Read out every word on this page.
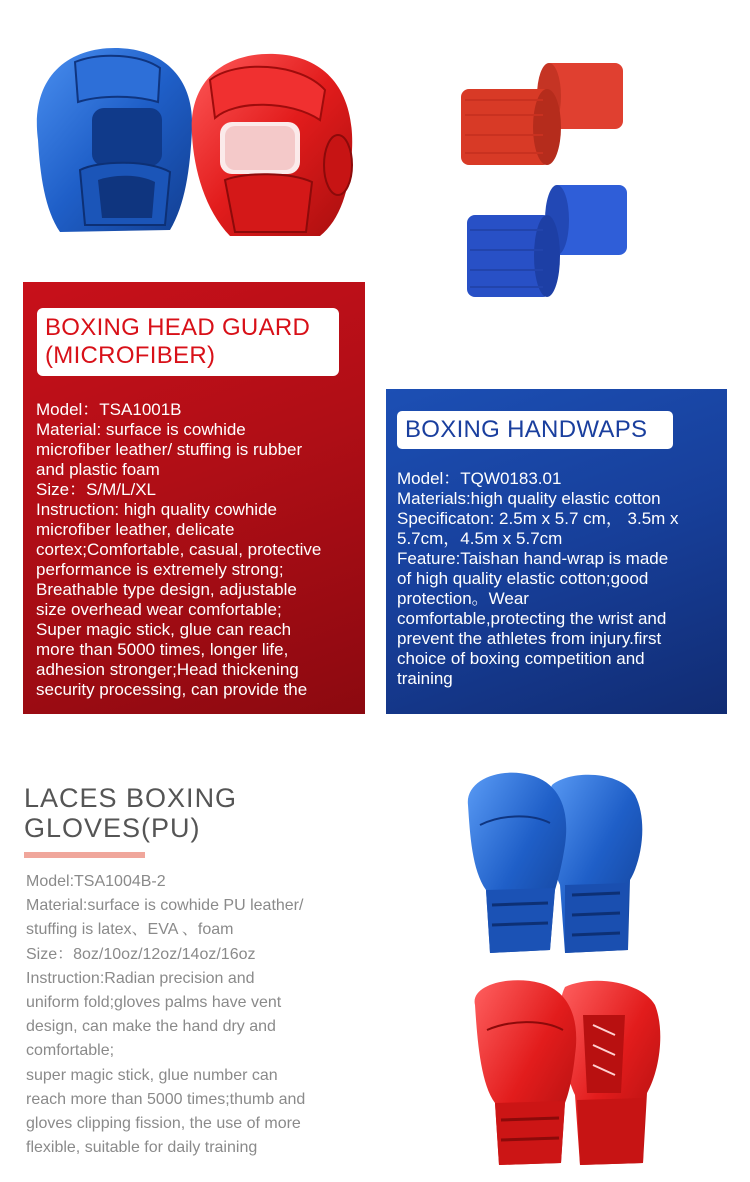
BOXING HEAD GUARD
(MICROFIBER)
Model：TSA1001B
Material: surface is cowhide
microfiber leather/ stuffing is rubber
and plastic foam
Size：S/M/L/XL
Instruction: high quality cowhide
microfiber leather, delicate
cortex;Comfortable, casual, protective
performance is extremely strong;
Breathable type design, adjustable
size overhead wear comfortable;
Super magic stick, glue can reach
more than 5000 times, longer life,
adhesion stronger;Head thickening
security processing, can provide the
BOXING HANDWAPS
Model：TQW0183.01
Materials:high quality elastic cotton
Specificaton: 2.5m x 5.7 cm， 3.5m x
5.7cm，4.5m x 5.7cm
Feature:Taishan hand-wrap is made
of high quality elastic cotton;good
protection。Wear
comfortable,protecting the wrist and
prevent the athletes from injury.first
choice of boxing competition and
training
LACES BOXING
GLOVES(PU)
Model:TSA1004B-2
Material:surface is cowhide PU leather/
stuffing is latex、EVA 、foam
Size：8oz/10oz/12oz/14oz/16oz
Instruction:Radian precision and
uniform fold;gloves palms have vent
design, can make the hand dry and
comfortable;
super magic stick, glue number can
reach more than 5000 times;thumb and
gloves clipping fission, the use of more
flexible, suitable for daily training
